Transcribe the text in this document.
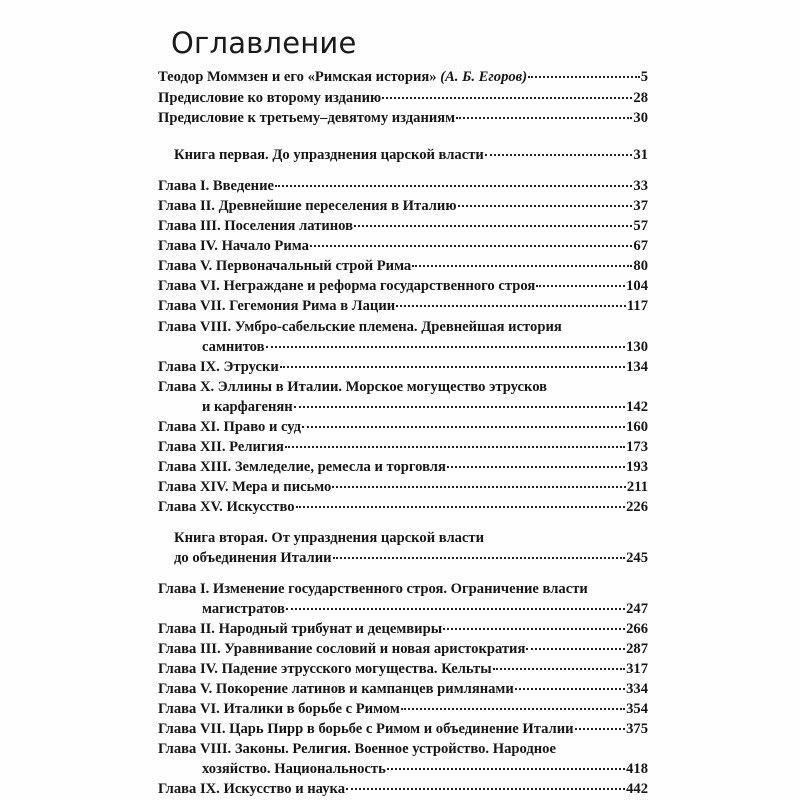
Оглавление
Теодор Моммзен и его «Римская история» (А. Б. Егоров)	5
Предисловие ко второму изданию	28
Предисловие к третьему–девятому изданиям	30
Книга первая. До упразднения царской власти	31
Глава I. Введение	33
Глава II. Древнейшие переселения в Италию	37
Глава III. Поселения латинов	57
Глава IV. Начало Рима	67
Глава V. Первоначальный строй Рима	80
Глава VI. Неграждане и реформа государственного строя	104
Глава VII. Гегемония Рима в Лации	117
Глава VIII. Умбро-сабельские племена. Древнейшая история
самнитов	130
Глава IX. Этруски	134
Глава X. Эллины в Италии. Морское могущество этрусков
и карфагенян	142
Глава XI. Право и суд	160
Глава XII. Религия	173
Глава XIII. Земледелие, ремесла и торговля	193
Глава XIV. Мера и письмо	211
Глава XV. Искусство	226
Книга вторая. От упразднения царской власти
до объединения Италии	245
Глава I. Изменение государственного строя. Ограничение власти
магистратов	247
Глава II. Народный трибунат и децемвиры	266
Глава III. Уравнивание сословий и новая аристократия	287
Глава IV. Падение этрусского могущества. Кельты	317
Глава V. Покорение латинов и кампанцев римлянами	334
Глава VI. Италики в борьбе с Римом	354
Глава VII. Царь Пирр в борьбе с Римом и объединение Италии	375
Глава VIII. Законы. Религия. Военное устройство. Народное
хозяйство. Национальность	418
Глава IX. Искусство и наука	442
